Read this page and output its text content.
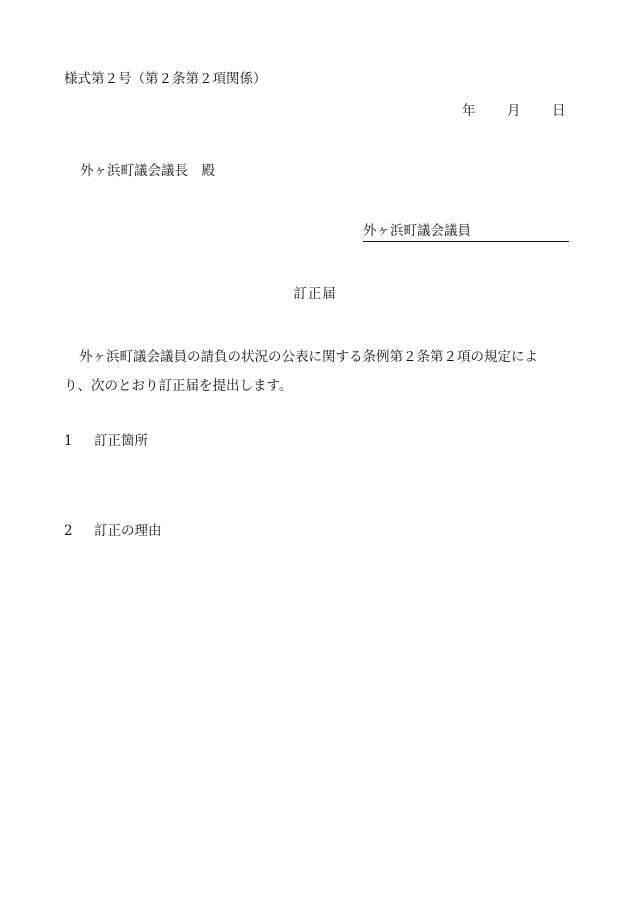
様式第２号（第２条第２項関係）
年	月	日
外ヶ浜町議会議長　殿
外ヶ浜町議会議員
訂正届

外ヶ浜町議会議員の請負の状況の公表に関する条例第２条第２項の規定によ

り、次のとおり訂正届を提出します。

1 訂正箇所
2 訂正の理由
